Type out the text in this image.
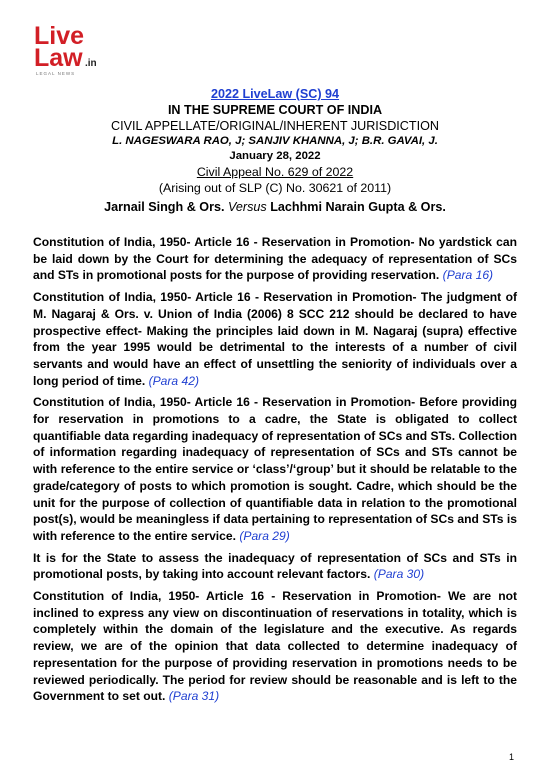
Live
Law .in
LEGAL NEWS
2022 LiveLaw (SC) 94
IN THE SUPREME COURT OF INDIA
CIVIL APPELLATE/ORIGINAL/INHERENT JURISDICTION
L. NAGESWARA RAO, J; SANJIV KHANNA, J; B.R. GAVAI, J.
January 28, 2022
Civil Appeal No. 629 of 2022
(Arising out of SLP (C) No. 30621 of 2011)
Jarnail Singh & Ors. Versus Lachhmi Narain Gupta & Ors.

Constitution of India, 1950- Article 16 - Reservation in Promotion- No yardstick can be laid down by the Court for determining the adequacy of representation of SCs and STs in promotional posts for the purpose of providing reservation. (Para 16)

Constitution of India, 1950- Article 16 - Reservation in Promotion- The judgment of M. Nagaraj & Ors. v. Union of India (2006) 8 SCC 212 should be declared to have prospective effect- Making the principles laid down in M. Nagaraj (supra) effective from the year 1995 would be detrimental to the interests of a number of civil servants and would have an effect of unsettling the seniority of individuals over a long period of time. (Para 42)

Constitution of India, 1950- Article 16 - Reservation in Promotion- Before providing for reservation in promotions to a cadre, the State is obligated to collect quantifiable data regarding inadequacy of representation of SCs and STs. Collection of information regarding inadequacy of representation of SCs and STs cannot be with reference to the entire service or ‘class’/‘group’ but it should be relatable to the grade/category of posts to which promotion is sought. Cadre, which should be the unit for the purpose of collection of quantifiable data in relation to the promotional post(s), would be meaningless if data pertaining to representation of SCs and STs is with reference to the entire service. (Para 29)

It is for the State to assess the inadequacy of representation of SCs and STs in promotional posts, by taking into account relevant factors. (Para 30)

Constitution of India, 1950- Article 16 - Reservation in Promotion- We are not inclined to express any view on discontinuation of reservations in totality, which is completely within the domain of the legislature and the executive. As regards review, we are of the opinion that data collected to determine inadequacy of representation for the purpose of providing reservation in promotions needs to be reviewed periodically. The period for review should be reasonable and is left to the Government to set out. (Para 31)

1
